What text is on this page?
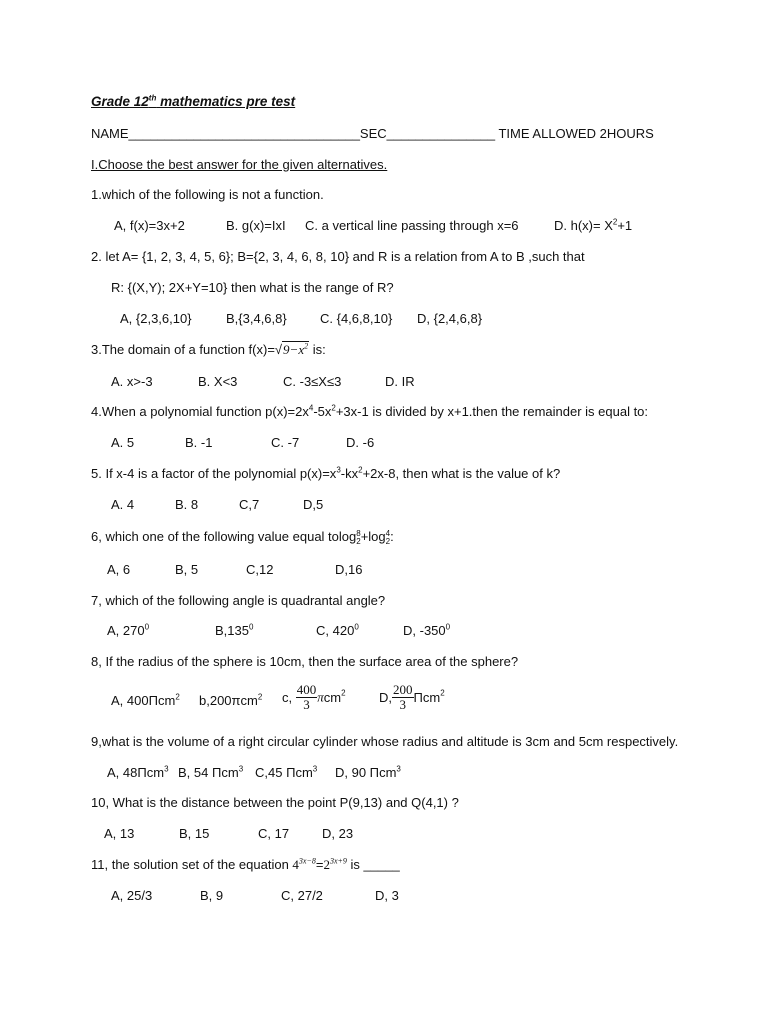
Grade 12th mathematics pre test
NAME________________________________SEC_______________ TIME ALLOWED 2HOURS
I.Choose the best answer for the given alternatives.
1.which of the following is not a function.
A, f(x)=3x+2	B. g(x)=IxI C. a vertical line passing through x=6	D. $h(x)= X^2+1$
2. let A= {1, 2, 3, 4, 5, 6}; B={2, 3, 4, 6, 8, 10} and R is a relation from A to B ,such that
R: {(X,Y); 2X+Y=10} then what is the range of R?
A, {2,3,6,10}	B,{3,4,6,8}	C. {4,6,8,10} D, {2,4,6,8}
3.The domain of a function $f(x)=√9-x^2$ is:
A. x>-3	B. X<3	C. -3≤X≤3	D. IR
4.When a polynomial function $p(x)=2x^4-5x^2+3x-1$ is divided by x+1.then the remainder is equal to:
A. 5	B. -1	C. -7	D. -6
5. If x-4 is a factor of the polynomial $p(x)=x^3-kx^2+2x-8$, then what is the value of k?
A. 4	B. 8	C,7	D,5
6, which one of the following value equal tolog 8
2 +log 4
2 :
A, 6	B, 5	C,12	D,16
7, which of the following angle is quadrantal angle?
A, $270^0$	B,135$^0$	C, $420^0$	D, $-350^0$
8, If the radius of the sphere is 10cm, then the surface area of the sphere?
A, 400Πcm$^2$ b,200πcm$^2$ c, $\frac{400}{3} \pi cm^2$	D, $\frac{200}{3} \Pi cm^2$
9,what is the volume of a right circular cylinder whose radius and altitude is 3cm and 5cm respectively.
A, 48Πcm$^3$ B, 54 Πcm$^3$ C,45 Πcm$^3$ D, 90 Πcm$^3$
10, What is the distance between the point P(9,13) and Q(4,1) ?
A, 13	B, 15	C, 17	D, 23
11, the solution set of the equation $4^{3x-8}=2^{3x+9}$ is _____
A, 25/3	B, 9	C, 27/2	D, 3
